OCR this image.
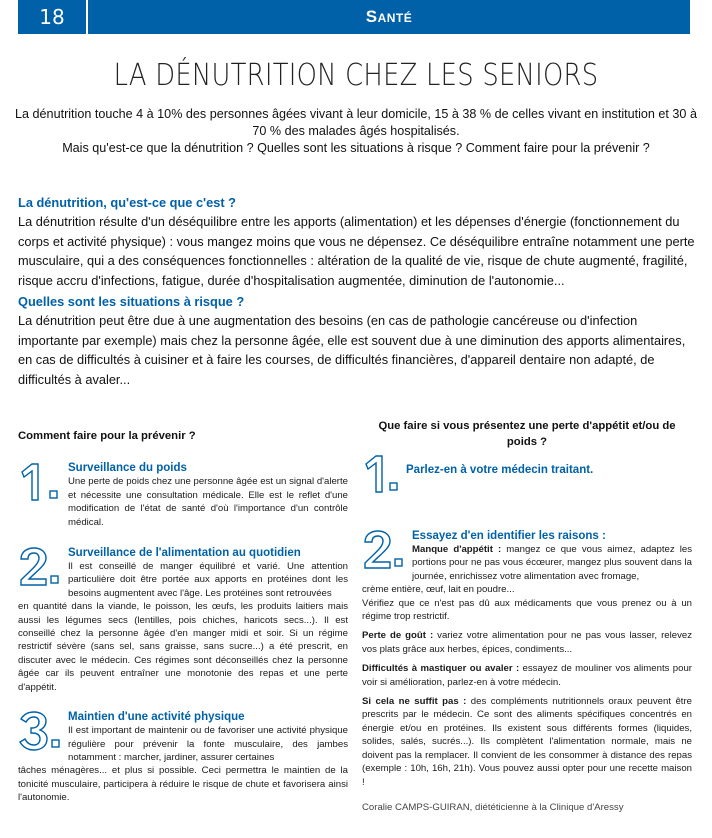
18	Santé
LA DÉNUTRITION CHEZ LES SENIORS

La dénutrition touche 4 à 10% des personnes âgées vivant à leur domicile, 15 à 38 % de celles vivant en institution et 30 à 70 % des malades âgés hospitalisés.

Mais qu'est-ce que la dénutrition ? Quelles sont les situations à risque ? Comment faire pour la prévenir ?

La dénutrition, qu'est-ce que c'est ?

La dénutrition résulte d'un déséquilibre entre les apports (alimentation) et les dépenses d'énergie (fonctionnement du corps et activité physique) : vous mangez moins que vous ne dépensez. Ce déséquilibre entraîne notamment une perte musculaire, qui a des conséquences fonctionnelles : altération de la qualité de vie, risque de chute augmenté, fragilité, risque accru d'infections, fatigue, durée d'hospitalisation augmentée, diminution de l'autonomie...

Quelles sont les situations à risque ?

La dénutrition peut être due à une augmentation des besoins (en cas de pathologie cancéreuse ou d'infection importante par exemple) mais chez la personne âgée, elle est souvent due à une diminution des apports alimentaires, en cas de difficultés à cuisiner et à faire les courses, de difficultés financières, d'appareil dentaire non adapté, de difficultés à avaler...

Comment faire pour la prévenir ?
Surveillance du poids

Une perte de poids chez une personne âgée est un signal d'alerte et nécessite une consultation médicale. Elle est le reflet d'une modification de l'état de santé d'où l'importance d'un contrôle médical.

Surveillance de l'alimentation au quotidien

Il est conseillé de manger équilibré et varié. Une attention particulière doit être portée aux apports en protéines dont les besoins augmentent avec l'âge. Les protéines sont retrouvées

en quantité dans la viande, le poisson, les œufs, les produits laitiers mais aussi les légumes secs (lentilles, pois chiches, haricots secs...). Il est conseillé chez la personne âgée d'en manger midi et soir. Si un régime restrictif sévère (sans sel, sans graisse, sans sucre...) a été prescrit, en discuter avec le médecin. Ces régimes sont déconseillés chez la personne âgée car ils peuvent entraîner une monotonie des repas et une perte d'appétit.

Maintien d'une activité physique

Il est important de maintenir ou de favoriser une activité physique régulière pour prévenir la fonte musculaire, des jambes notamment : marcher, jardiner, assurer certaines

tâches ménagères... et plus si possible. Ceci permettra le maintien de la tonicité musculaire, participera à réduire le risque de chute et favorisera ainsi l'autonomie.

Que faire si vous présentez une perte d'appétit et/ou de poids ?
Parlez-en à votre médecin traitant.
Essayez d'en identifier les raisons :

Manque d'appétit : mangez ce que vous aimez, adaptez les portions pour ne pas vous écœurer, mangez plus souvent dans la journée, enrichissez votre alimentation avec fromage,

crème entière, œuf, lait en poudre...

Vérifiez que ce n'est pas dû aux médicaments que vous prenez ou à un régime trop restrictif.

Perte de goût : variez votre alimentation pour ne pas vous lasser, relevez vos plats grâce aux herbes, épices, condiments...

Difficultés à mastiquer ou avaler : essayez de mouliner vos aliments pour voir si amélioration, parlez-en à votre médecin.

Si cela ne suffit pas : des compléments nutritionnels oraux peuvent être prescrits par le médecin. Ce sont des aliments spécifiques concentrés en énergie et/ou en protéines. Ils existent sous différents formes (liquides, solides, salés, sucrés...). Ils complètent l'alimentation normale, mais ne doivent pas la remplacer. Il convient de les consommer à distance des repas (exemple : 10h, 16h, 21h). Vous pouvez aussi opter pour une recette maison !

Coralie CAMPS-GUIRAN, diététicienne à la Clinique d'Aressy
